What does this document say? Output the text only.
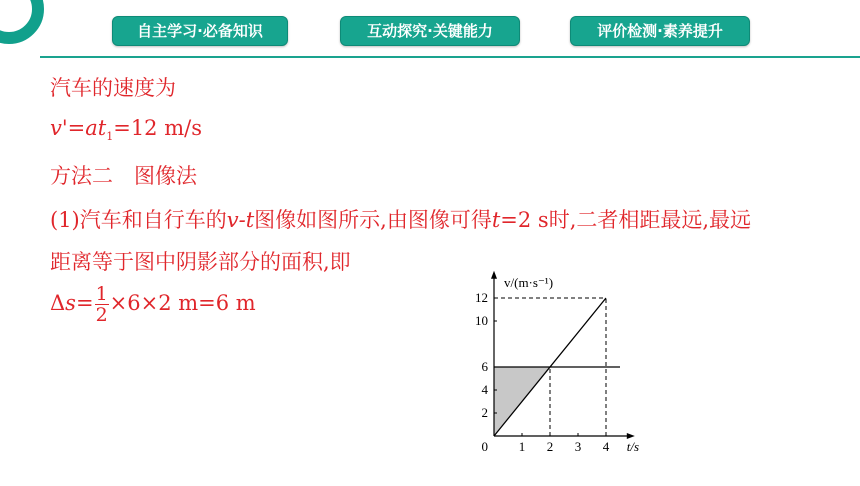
自主学习·必备知识	互动探究·关键能力	评价检测·素养提升
汽车的速度为
$v'=at_1=12$ m/s
方法二　图像法
(1)汽车和自行车的v-t图像如图所示,由图像可得t=2 s时,二者相距最远,最远
距离等于图中阴影部分的面积,即
$\Delta s= \frac{1}{2} \times 6\times 2$ m=6 m
1 2 3 4
2
4
6
10
12
0	t/s
v/(m·s⁻¹)
